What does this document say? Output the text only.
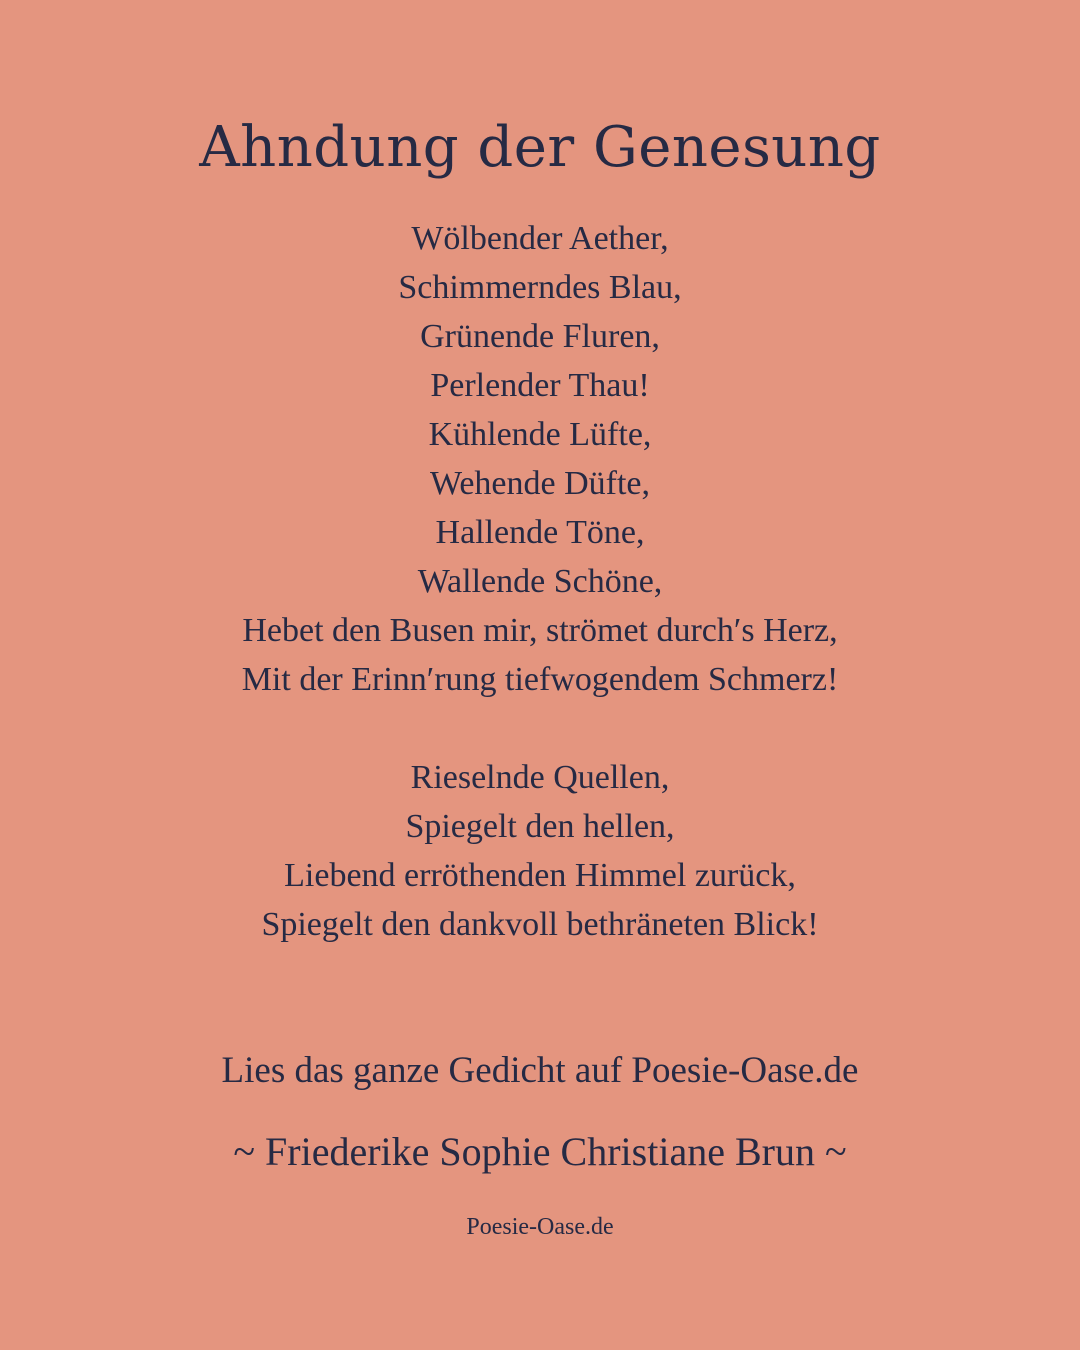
Ahndung der Genesung
Wölbender Aether,
Schimmerndes Blau,
Grünende Fluren,
Perlender Thau!
Kühlende Lüfte,
Wehende Düfte,
Hallende Töne,
Wallende Schöne,
Hebet den Busen mir, strömet durch′s Herz,
Mit der Erinn′rung tiefwogendem Schmerz!
Rieselnde Quellen,
Spiegelt den hellen,
Liebend erröthenden Himmel zurück,
Spiegelt den dankvoll bethräneten Blick!
Lies das ganze Gedicht auf Poesie-Oase.de
~ Friederike Sophie Christiane Brun ~
Poesie-Oase.de
